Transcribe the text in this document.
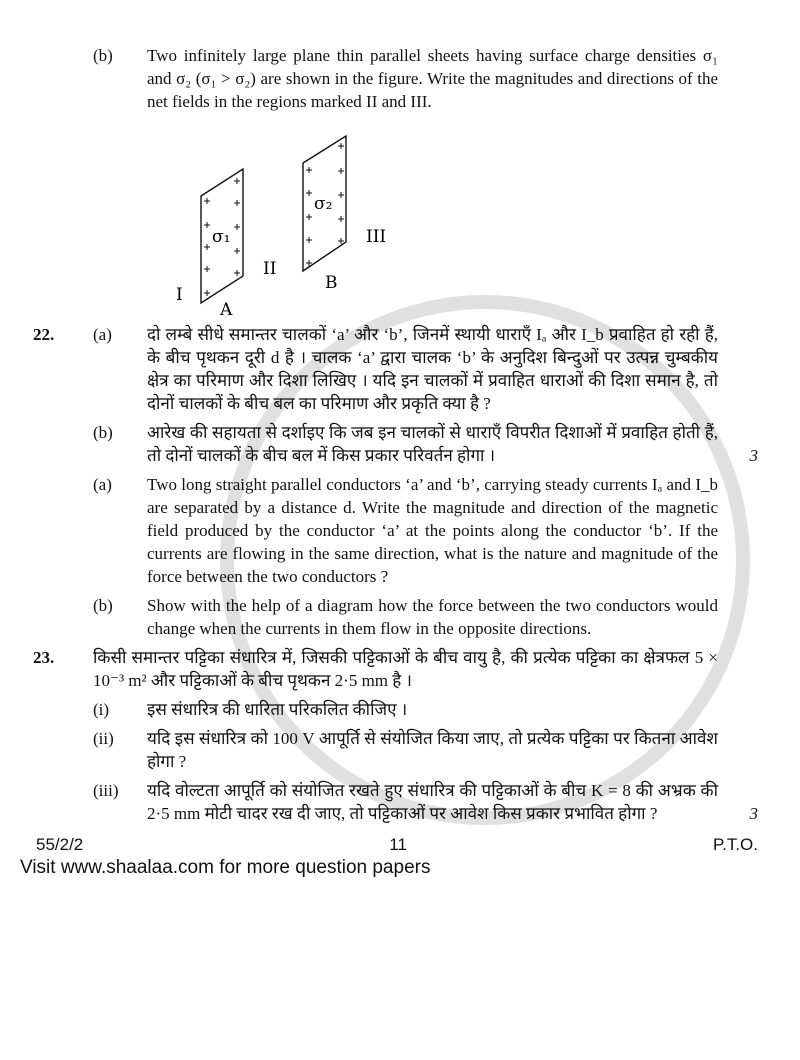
(b)	Two infinitely large plane thin parallel sheets having surface charge densities σ₁ and σ₂ (σ₁ > σ₂) are shown in the figure. Write the magnitudes and directions of the net fields in the regions marked II and III.
σ₁
σ₂
I
A
II
B
III
22.	(a)	दो लम्बे सीधे समान्तर चालकों ‘a’ और ‘b’, जिनमें स्थायी धाराएँ Iₐ और I_b प्रवाहित हो रही हैं, के बीच पृथकन दूरी d है । चालक ‘a’ द्वारा चालक ‘b’ के अनुदिश बिन्दुओं पर उत्पन्न चुम्बकीय क्षेत्र का परिमाण और दिशा लिखिए । यदि इन चालकों में प्रवाहित धाराओं की दिशा समान है, तो दोनों चालकों के बीच बल का परिमाण और प्रकृति क्या है ?
(b)	आरेख की सहायता से दर्शाइए कि जब इन चालकों से धाराएँ विपरीत दिशाओं में प्रवाहित होती हैं, तो दोनों चालकों के बीच बल में किस प्रकार परिवर्तन होगा ।	3
(a)	Two long straight parallel conductors ‘a’ and ‘b’, carrying steady currents Iₐ and I_b are separated by a distance d. Write the magnitude and direction of the magnetic field produced by the conductor ‘a’ at the points along the conductor ‘b’. If the currents are flowing in the same direction, what is the nature and magnitude of the force between the two conductors ?
(b)	Show with the help of a diagram how the force between the two conductors would change when the currents in them flow in the opposite directions.
23.	किसी समान्तर पट्टिका संधारित्र में, जिसकी पट्टिकाओं के बीच वायु है, की प्रत्येक पट्टिका का क्षेत्रफल 5 × 10⁻³ m² और पट्टिकाओं के बीच पृथकन 2·5 mm है ।
(i)	इस संधारित्र की धारिता परिकलित कीजिए ।
(ii)	यदि इस संधारित्र को 100 V आपूर्ति से संयोजित किया जाए, तो प्रत्येक पट्टिका पर कितना आवेश होगा ?
(iii)	यदि वोल्टता आपूर्ति को संयोजित रखते हुए संधारित्र की पट्टिकाओं के बीच K = 8 की अभ्रक की 2·5 mm मोटी चादर रख दी जाए, तो पट्टिकाओं पर आवेश किस प्रकार प्रभावित होगा ?	3
55/2/2	11	P.T.O.
Visit www.shaalaa.com for more question papers
